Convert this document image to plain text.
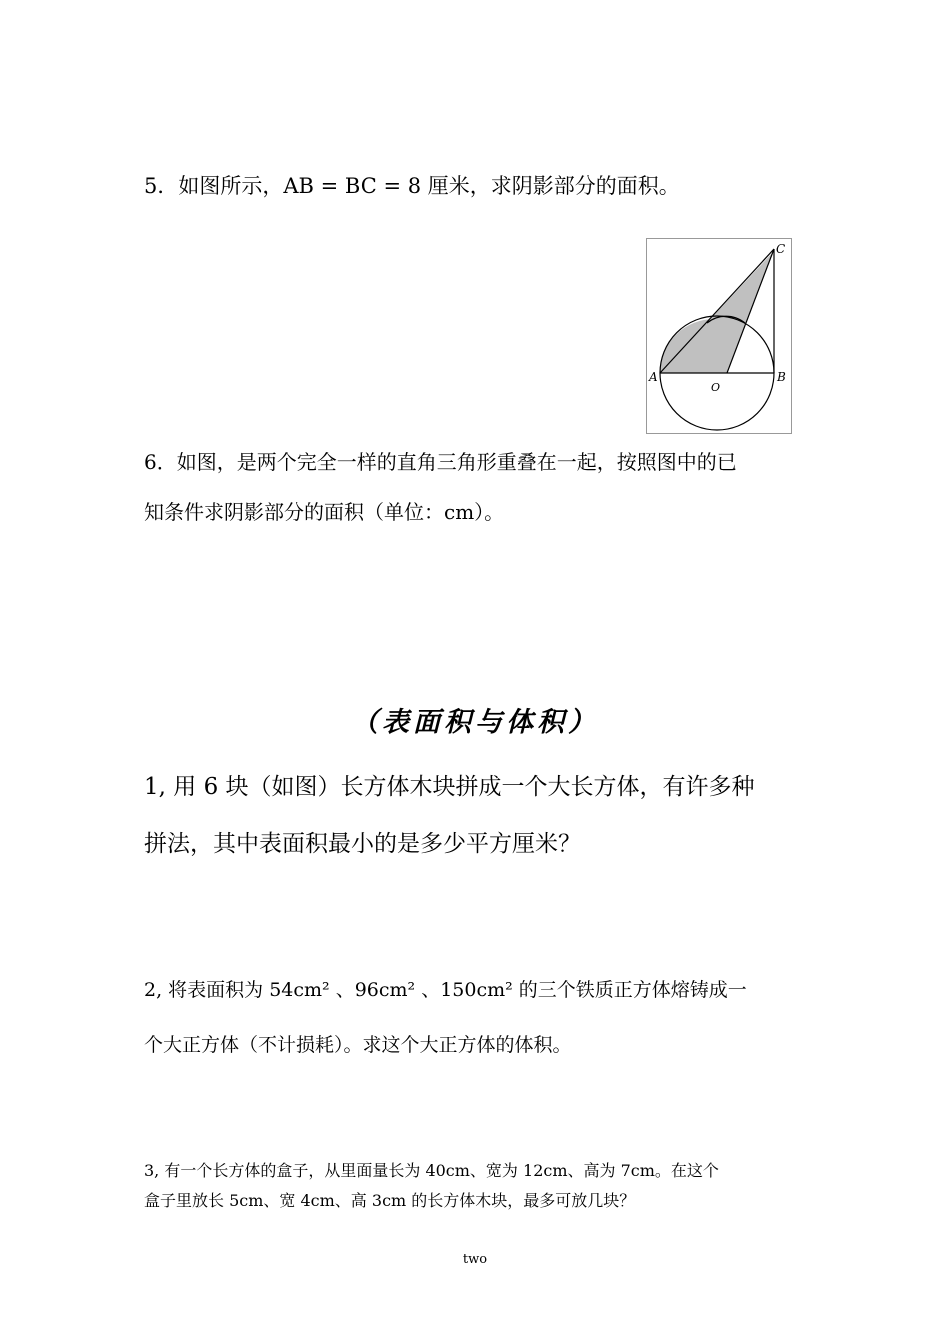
5．如图所示，AB = BC = 8 厘米，求阴影部分的面积。

A	B
C
O

6．如图，是两个完全一样的直角三角形重叠在一起，按照图中的已
知条件求阴影部分的面积（单位：cm）。

（表面积与体积）

1, 用 6 块（如图）长方体木块拼成一个大长方体，有许多种
拼法，其中表面积最小的是多少平方厘米？

2, 将表面积为 54cm² 、96cm² 、150cm² 的三个铁质正方体熔铸成一
个大正方体（不计损耗）。求这个大正方体的体积。

3, 有一个长方体的盒子，从里面量长为 40cm、宽为 12cm、高为 7cm。在这个
盒子里放长 5cm、宽 4cm、高 3cm 的长方体木块，最多可放几块？

two
